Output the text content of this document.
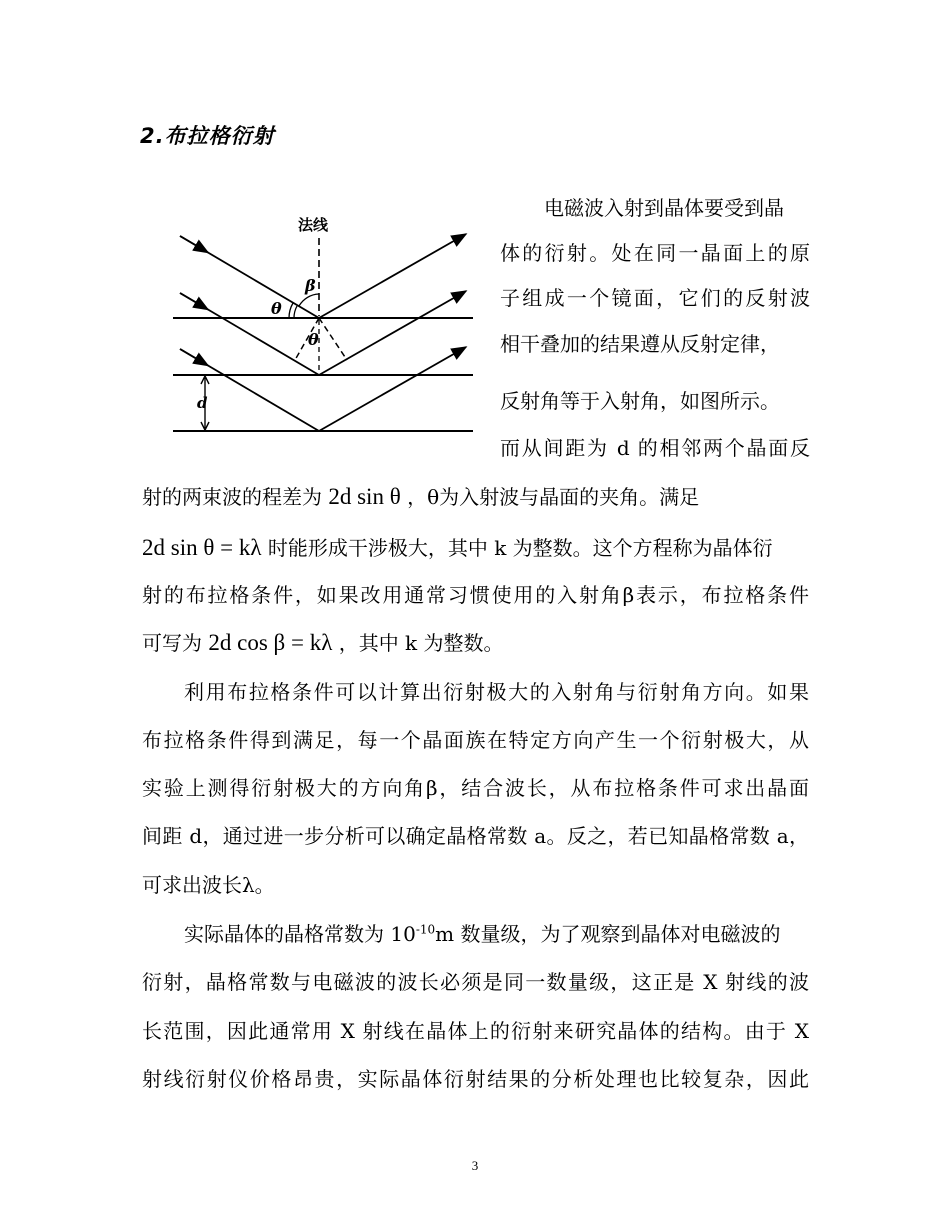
2.布拉格衍射
法线
β
θ
θ
d
电磁波入射到晶体要受到晶
体的衍射。处在同一晶面上的原
子组成一个镜面，它们的反射波
相干叠加的结果遵从反射定律，
反射角等于入射角，如图所示。
而从间距为 d 的相邻两个晶面反
射的两束波的程差为 2d sin θ ，θ为入射波与晶面的夹角。满足
2d sin θ = kλ 时能形成干涉极大，其中 k 为整数。这个方程称为晶体衍
射的布拉格条件，如果改用通常习惯使用的入射角β表示，布拉格条件
可写为 2d cos β = kλ ，其中 k 为整数。
利用布拉格条件可以计算出衍射极大的入射角与衍射角方向。如果
布拉格条件得到满足，每一个晶面族在特定方向产生一个衍射极大，从
实验上测得衍射极大的方向角β，结合波长，从布拉格条件可求出晶面
间距 d，通过进一步分析可以确定晶格常数 a。反之，若已知晶格常数 a，
可求出波长λ。
实际晶体的晶格常数为 $10^{-10}m$ 数量级，为了观察到晶体对电磁波的
衍射，晶格常数与电磁波的波长必须是同一数量级，这正是 X 射线的波
长范围，因此通常用 X 射线在晶体上的衍射来研究晶体的结构。由于 X
射线衍射仪价格昂贵，实际晶体衍射结果的分析处理也比较复杂，因此
3
